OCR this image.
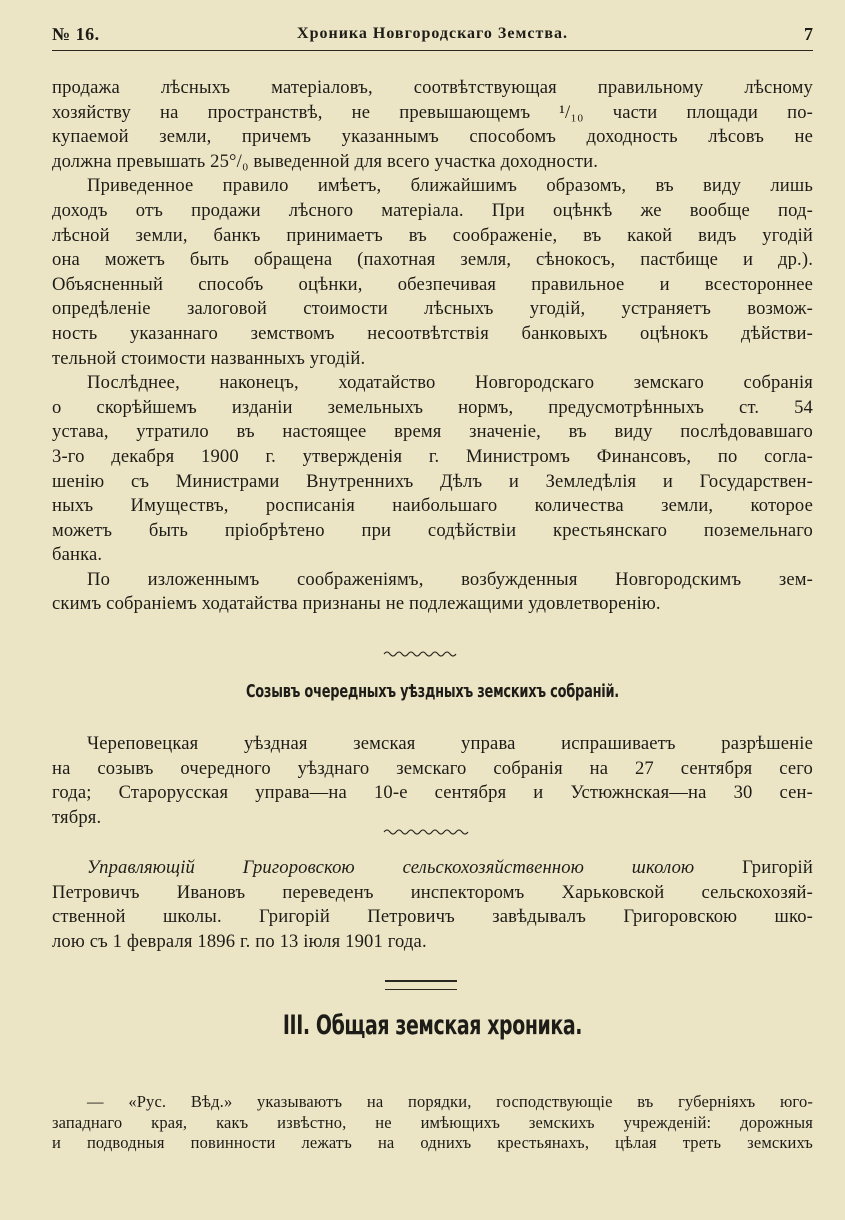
№ 16.	Хроника Новгородскаго Земства.	7

продажа лѣсныхъ матеріаловъ, соотвѣтствующая правильному лѣсному
хозяйству на пространствѣ, не превышающемъ ¹/₁₀ части площади по-
купаемой земли, причемъ указаннымъ способомъ доходность лѣсовъ не
должна превышать 25°/₀ выведенной для всего участка доходности.

Приведенное правило имѣетъ, ближайшимъ образомъ, въ виду лишь
доходъ отъ продажи лѣсного матеріала. При оцѣнкѣ же вообще под-
лѣсной земли, банкъ принимаетъ въ соображеніе, въ какой видъ угодій
она можетъ быть обращена (пахотная земля, сѣнокосъ, пастбище и др.).
Объясненный способъ оцѣнки, обезпечивая правильное и всестороннее
опредѣленіе залоговой стоимости лѣсныхъ угодій, устраняетъ возмож-
ность указаннаго земствомъ несоотвѣтствія банковыхъ оцѣнокъ дѣйстви-
тельной стоимости названныхъ угодій.

Послѣднее, наконецъ, ходатайство Новгородскаго земскаго собранія
о скорѣйшемъ изданіи земельныхъ нормъ, предусмотрѣнныхъ ст. 54
устава, утратило въ настоящее время значеніе, въ виду послѣдовавшаго
3-го декабря 1900 г. утвержденія г. Министромъ Финансовъ, по согла-
шенію съ Министрами Внутреннихъ Дѣлъ и Земледѣлія и Государствен-
ныхъ Имуществъ, росписанія наибольшаго количества земли, которое
можетъ быть пріобрѣтено при содѣйствіи крестьянскаго поземельнаго
банка.

По изложеннымъ соображеніямъ, возбужденныя Новгородскимъ зем-
скимъ собраніемъ ходатайства признаны не подлежащими удовлетворенію.

Созывъ очередныхъ уѣздныхъ земскихъ собраній.

Череповецкая уѣздная земская управа испрашиваетъ разрѣшеніе
на созывъ очередного уѣзднаго земскаго собранія на 27 сентября сего
года; Старорусская управа—на 10-е сентября и Устюжнская—на 30 сен-
тября.

Управляющій Григоровскою сельскохозяйственною школою	Григорій
Петровичъ Ивановъ переведенъ инспекторомъ Харьковской сельскохозяй-
ственной школы. Григорій Петровичъ завѣдывалъ Григоровскою шко-
лою съ 1 февраля 1896 г. по 13 іюля 1901 года.

III. Общая земская хроника.

— «Рус. Вѣд.» указываютъ на порядки, господствующіе въ губерніяхъ юго-
западнаго края, какъ извѣстно, не имѣющихъ земскихъ учрежденій: дорожныя
и подводныя повинности лежатъ на однихъ крестьянахъ, цѣлая треть земскихъ
